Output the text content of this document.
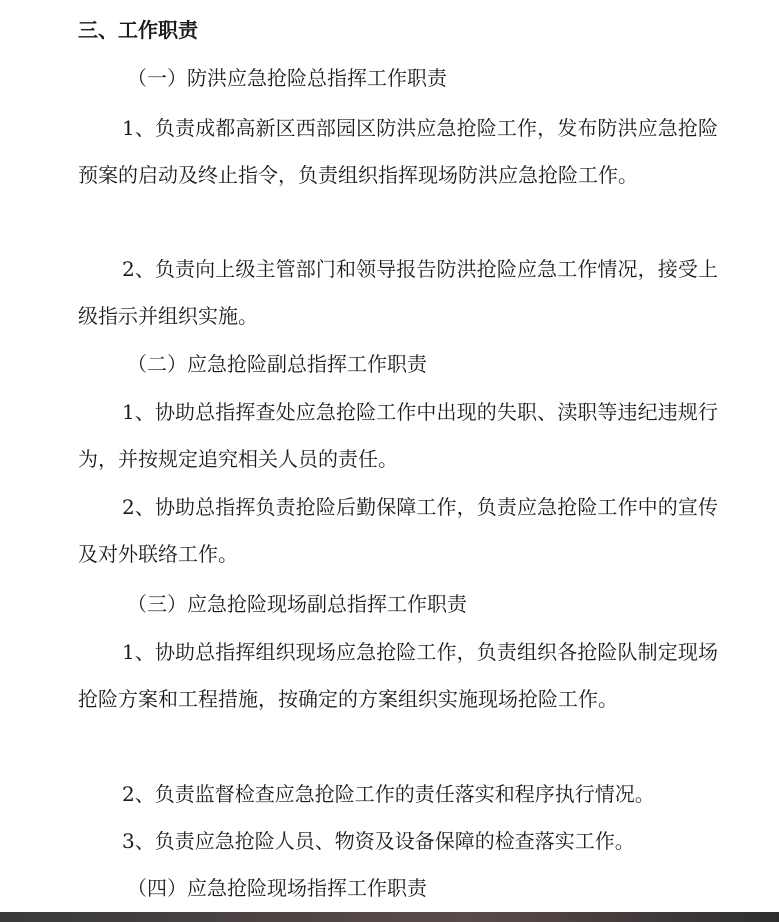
三、工作职责
（一）防洪应急抢险总指挥工作职责

1、负责成都高新区西部园区防洪应急抢险工作，发布防洪应急抢险预案的启动及终止指令，负责组织指挥现场防洪应急抢险工作。

2、负责向上级主管部门和领导报告防洪抢险应急工作情况，接受上级指示并组织实施。

（二）应急抢险副总指挥工作职责

1、协助总指挥查处应急抢险工作中出现的失职、渎职等违纪违规行为，并按规定追究相关人员的责任。

2、协助总指挥负责抢险后勤保障工作，负责应急抢险工作中的宣传及对外联络工作。

（三）应急抢险现场副总指挥工作职责

1、协助总指挥组织现场应急抢险工作，负责组织各抢险队制定现场抢险方案和工程措施，按确定的方案组织实施现场抢险工作。

2、负责监督检查应急抢险工作的责任落实和程序执行情况。

3、负责应急抢险人员、物资及设备保障的检查落实工作。

（四）应急抢险现场指挥工作职责
